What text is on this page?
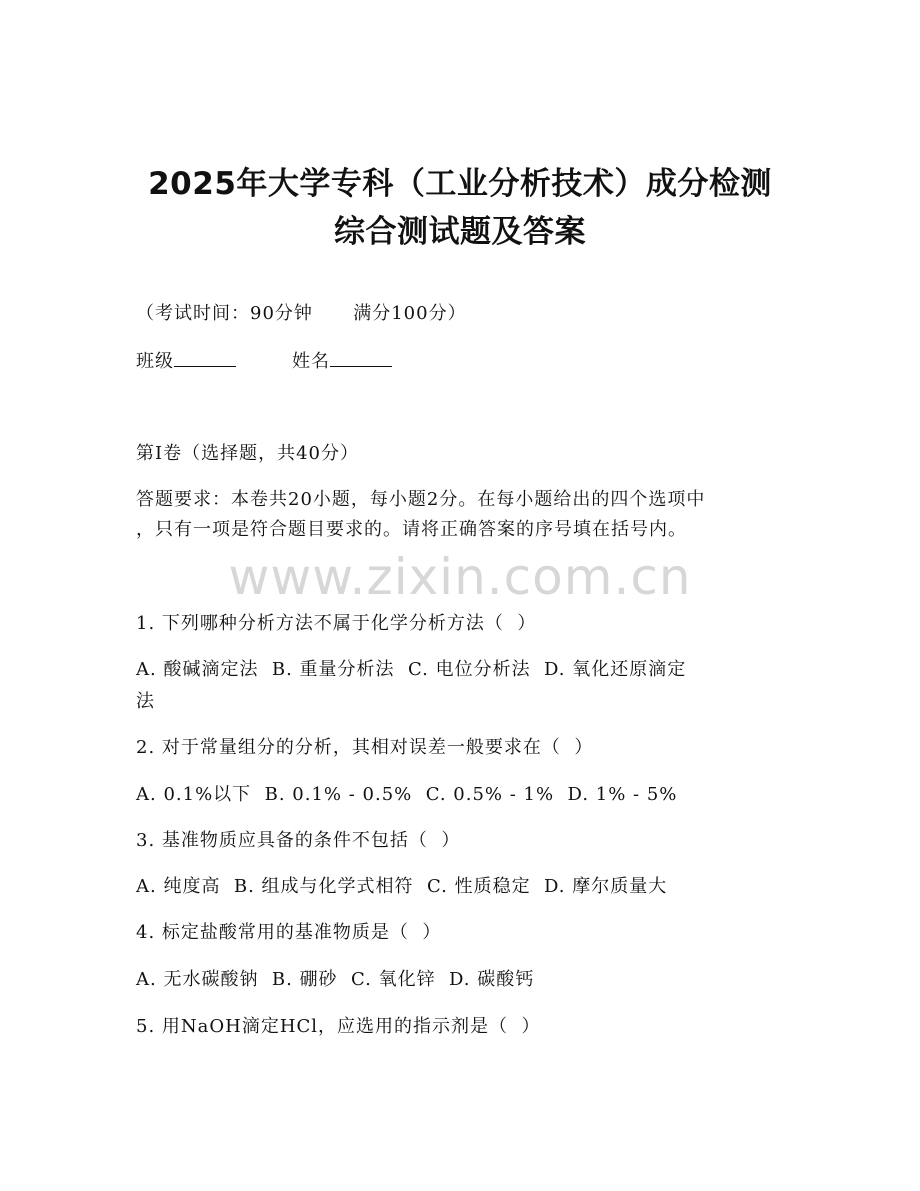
2025年大学专科（工业分析技术）成分检测
综合测试题及答案
（考试时间：90分钟      满分100分）
班级	姓名
第I卷（选择题，共40分）
答题要求：本卷共20小题，每小题2分。在每小题给出的四个选项中
，只有一项是符合题目要求的。请将正确答案的序号填在括号内。
www.zixin.com.cn
1. 下列哪种分析方法不属于化学分析方法（  ）
A. 酸碱滴定法  B. 重量分析法  C. 电位分析法  D. 氧化还原滴定
法
2. 对于常量组分的分析，其相对误差一般要求在（  ）
A. 0.1%以下  B. 0.1% - 0.5%  C. 0.5% - 1%  D. 1% - 5%
3. 基准物质应具备的条件不包括（  ）
A. 纯度高  B. 组成与化学式相符  C. 性质稳定  D. 摩尔质量大
4. 标定盐酸常用的基准物质是（  ）
A. 无水碳酸钠  B. 硼砂  C. 氧化锌  D. 碳酸钙
5. 用NaOH滴定HCl，应选用的指示剂是（  ）
